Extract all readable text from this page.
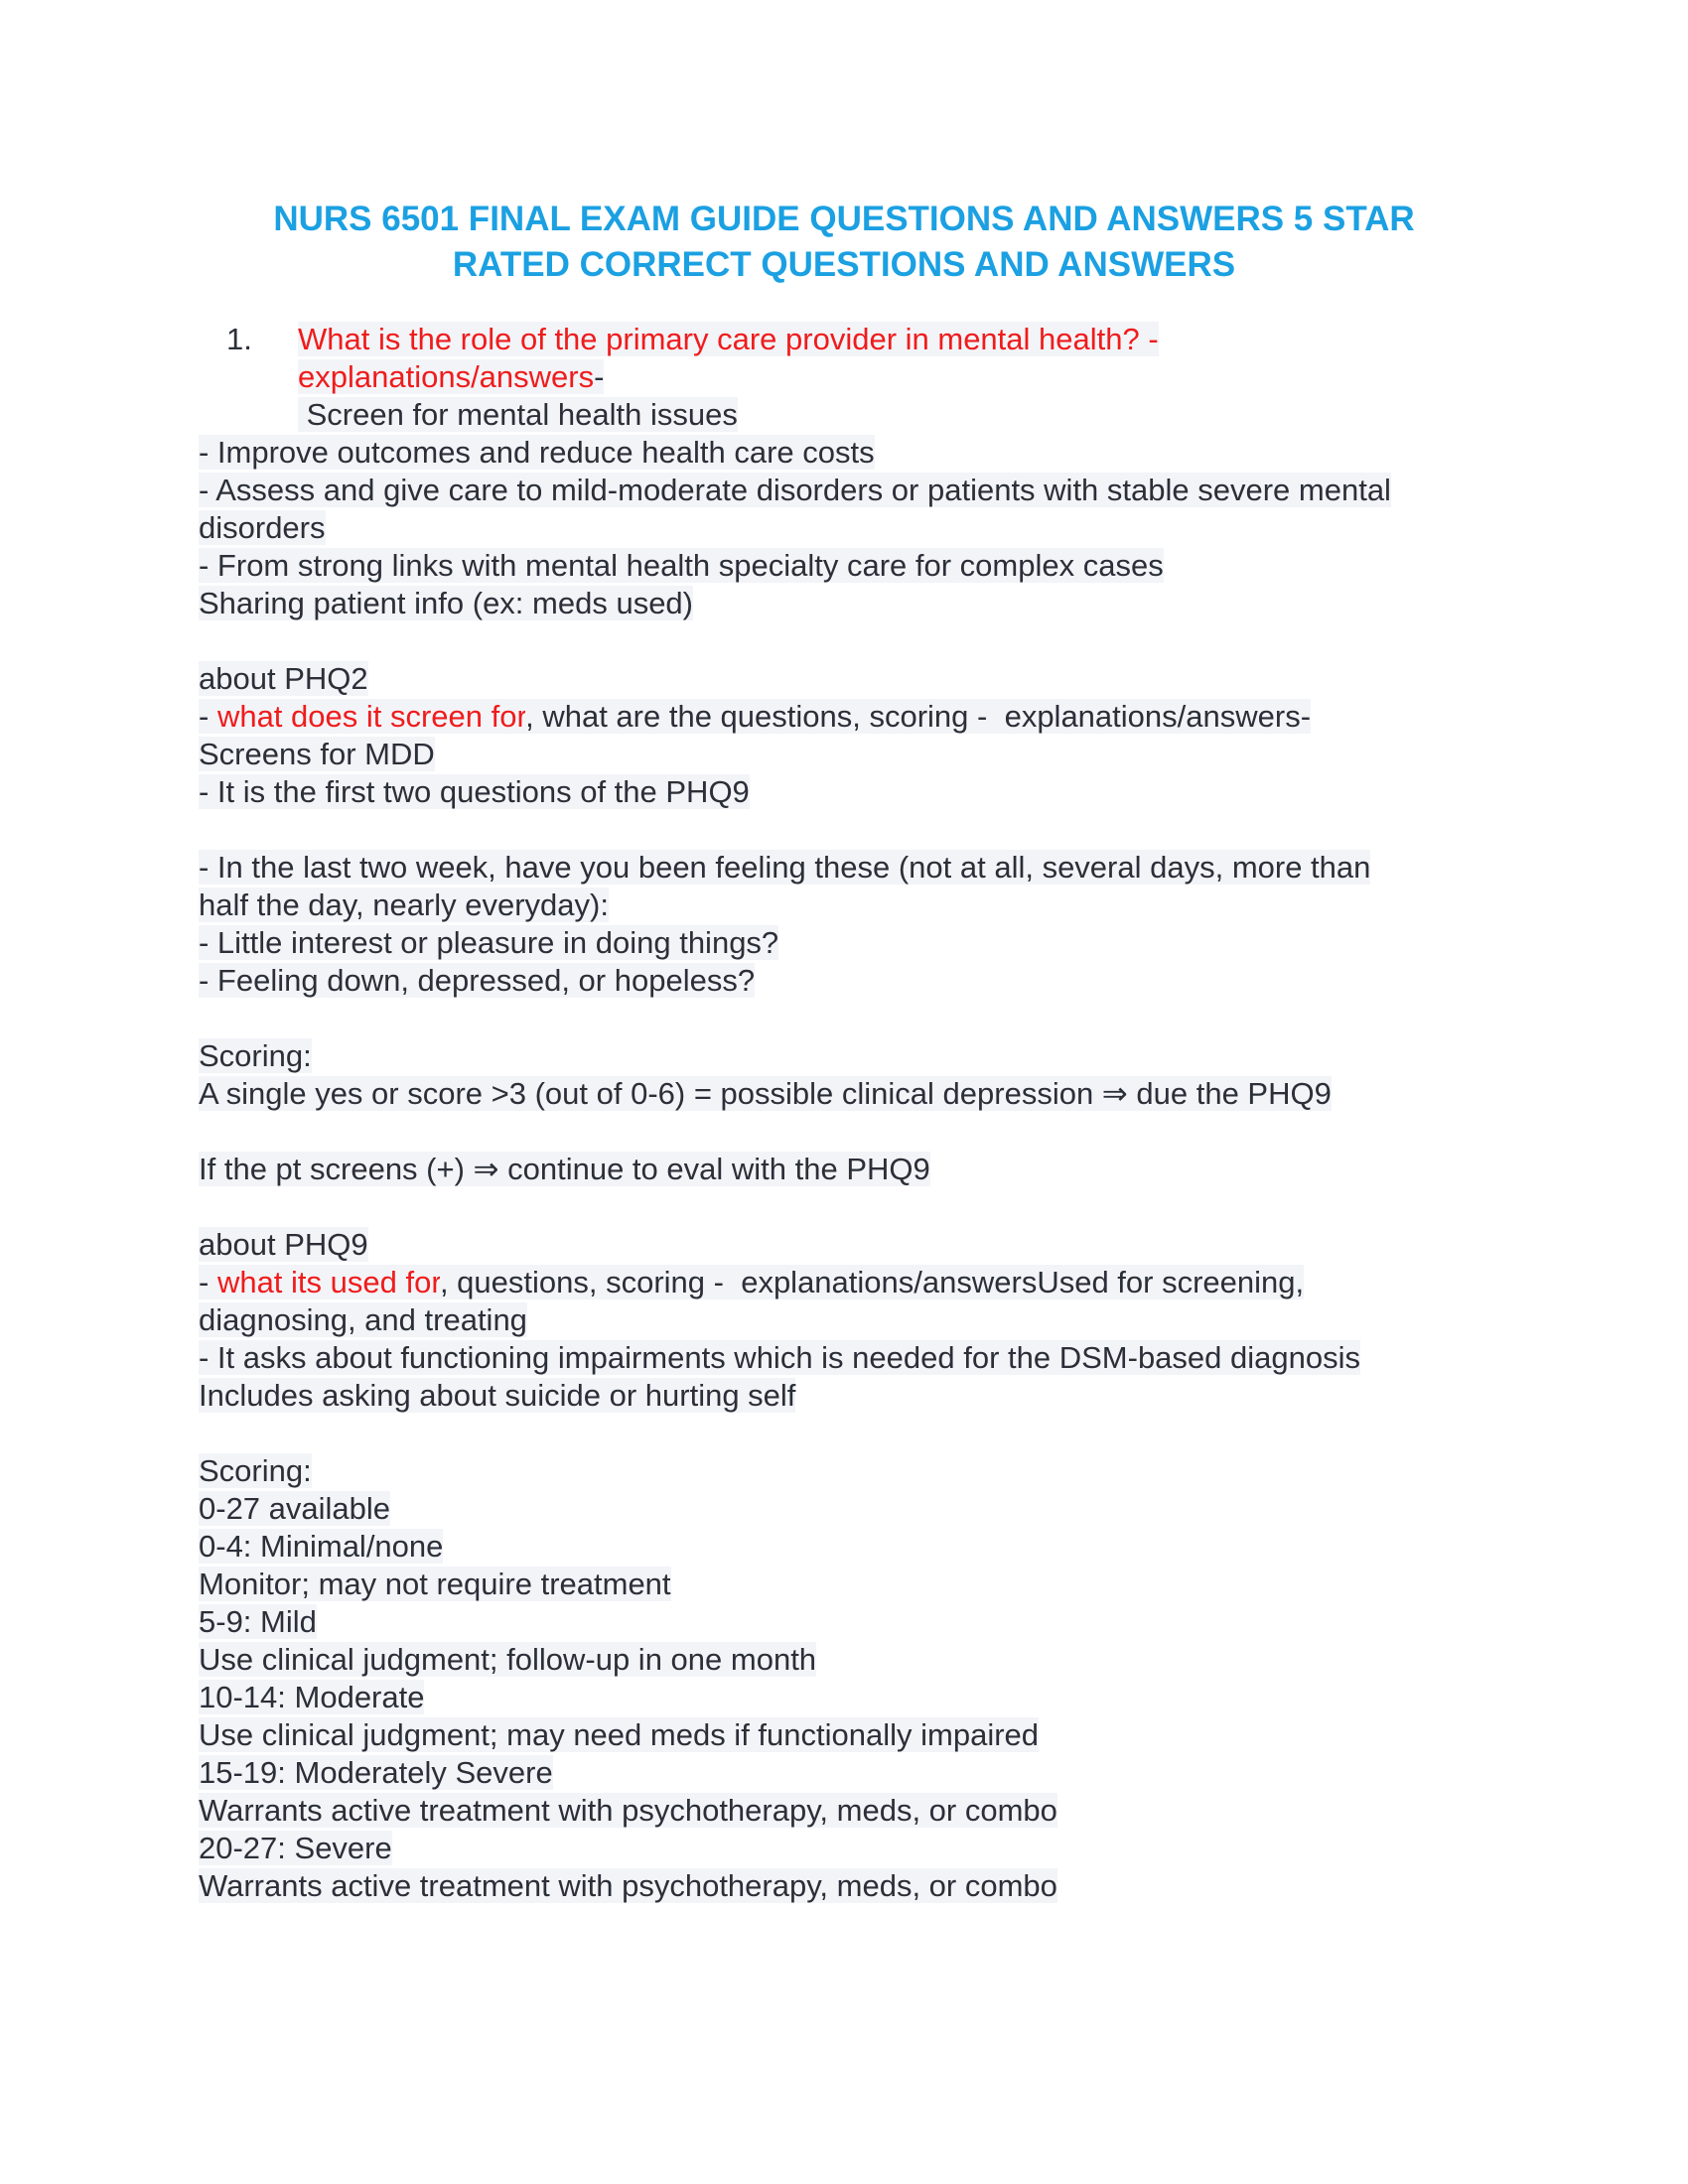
NURS 6501 FINAL EXAM GUIDE QUESTIONS AND ANSWERS 5 STAR
RATED CORRECT QUESTIONS AND ANSWERS
1. What is the role of the primary care provider in mental health? -
explanations/answers-
Screen for mental health issues
- Improve outcomes and reduce health care costs
- Assess and give care to mild-moderate disorders or patients with stable severe mental
disorders
- From strong links with mental health specialty care for complex cases
Sharing patient info (ex: meds used)
about PHQ2
- what does it screen for, what are the questions, scoring -  explanations/answers-
Screens for MDD
- It is the first two questions of the PHQ9
- In the last two week, have you been feeling these (not at all, several days, more than
half the day, nearly everyday):
- Little interest or pleasure in doing things?
- Feeling down, depressed, or hopeless?
Scoring:
A single yes or score >3 (out of 0-6) = possible clinical depression ⇒ due the PHQ9
If the pt screens (+) ⇒ continue to eval with the PHQ9
about PHQ9
- what its used for, questions, scoring -  explanations/answersUsed for screening,
diagnosing, and treating
- It asks about functioning impairments which is needed for the DSM-based diagnosis
Includes asking about suicide or hurting self
Scoring:
0-27 available
0-4: Minimal/none
Monitor; may not require treatment
5-9: Mild
Use clinical judgment; follow-up in one month
10-14: Moderate
Use clinical judgment; may need meds if functionally impaired
15-19: Moderately Severe
Warrants active treatment with psychotherapy, meds, or combo
20-27: Severe
Warrants active treatment with psychotherapy, meds, or combo
